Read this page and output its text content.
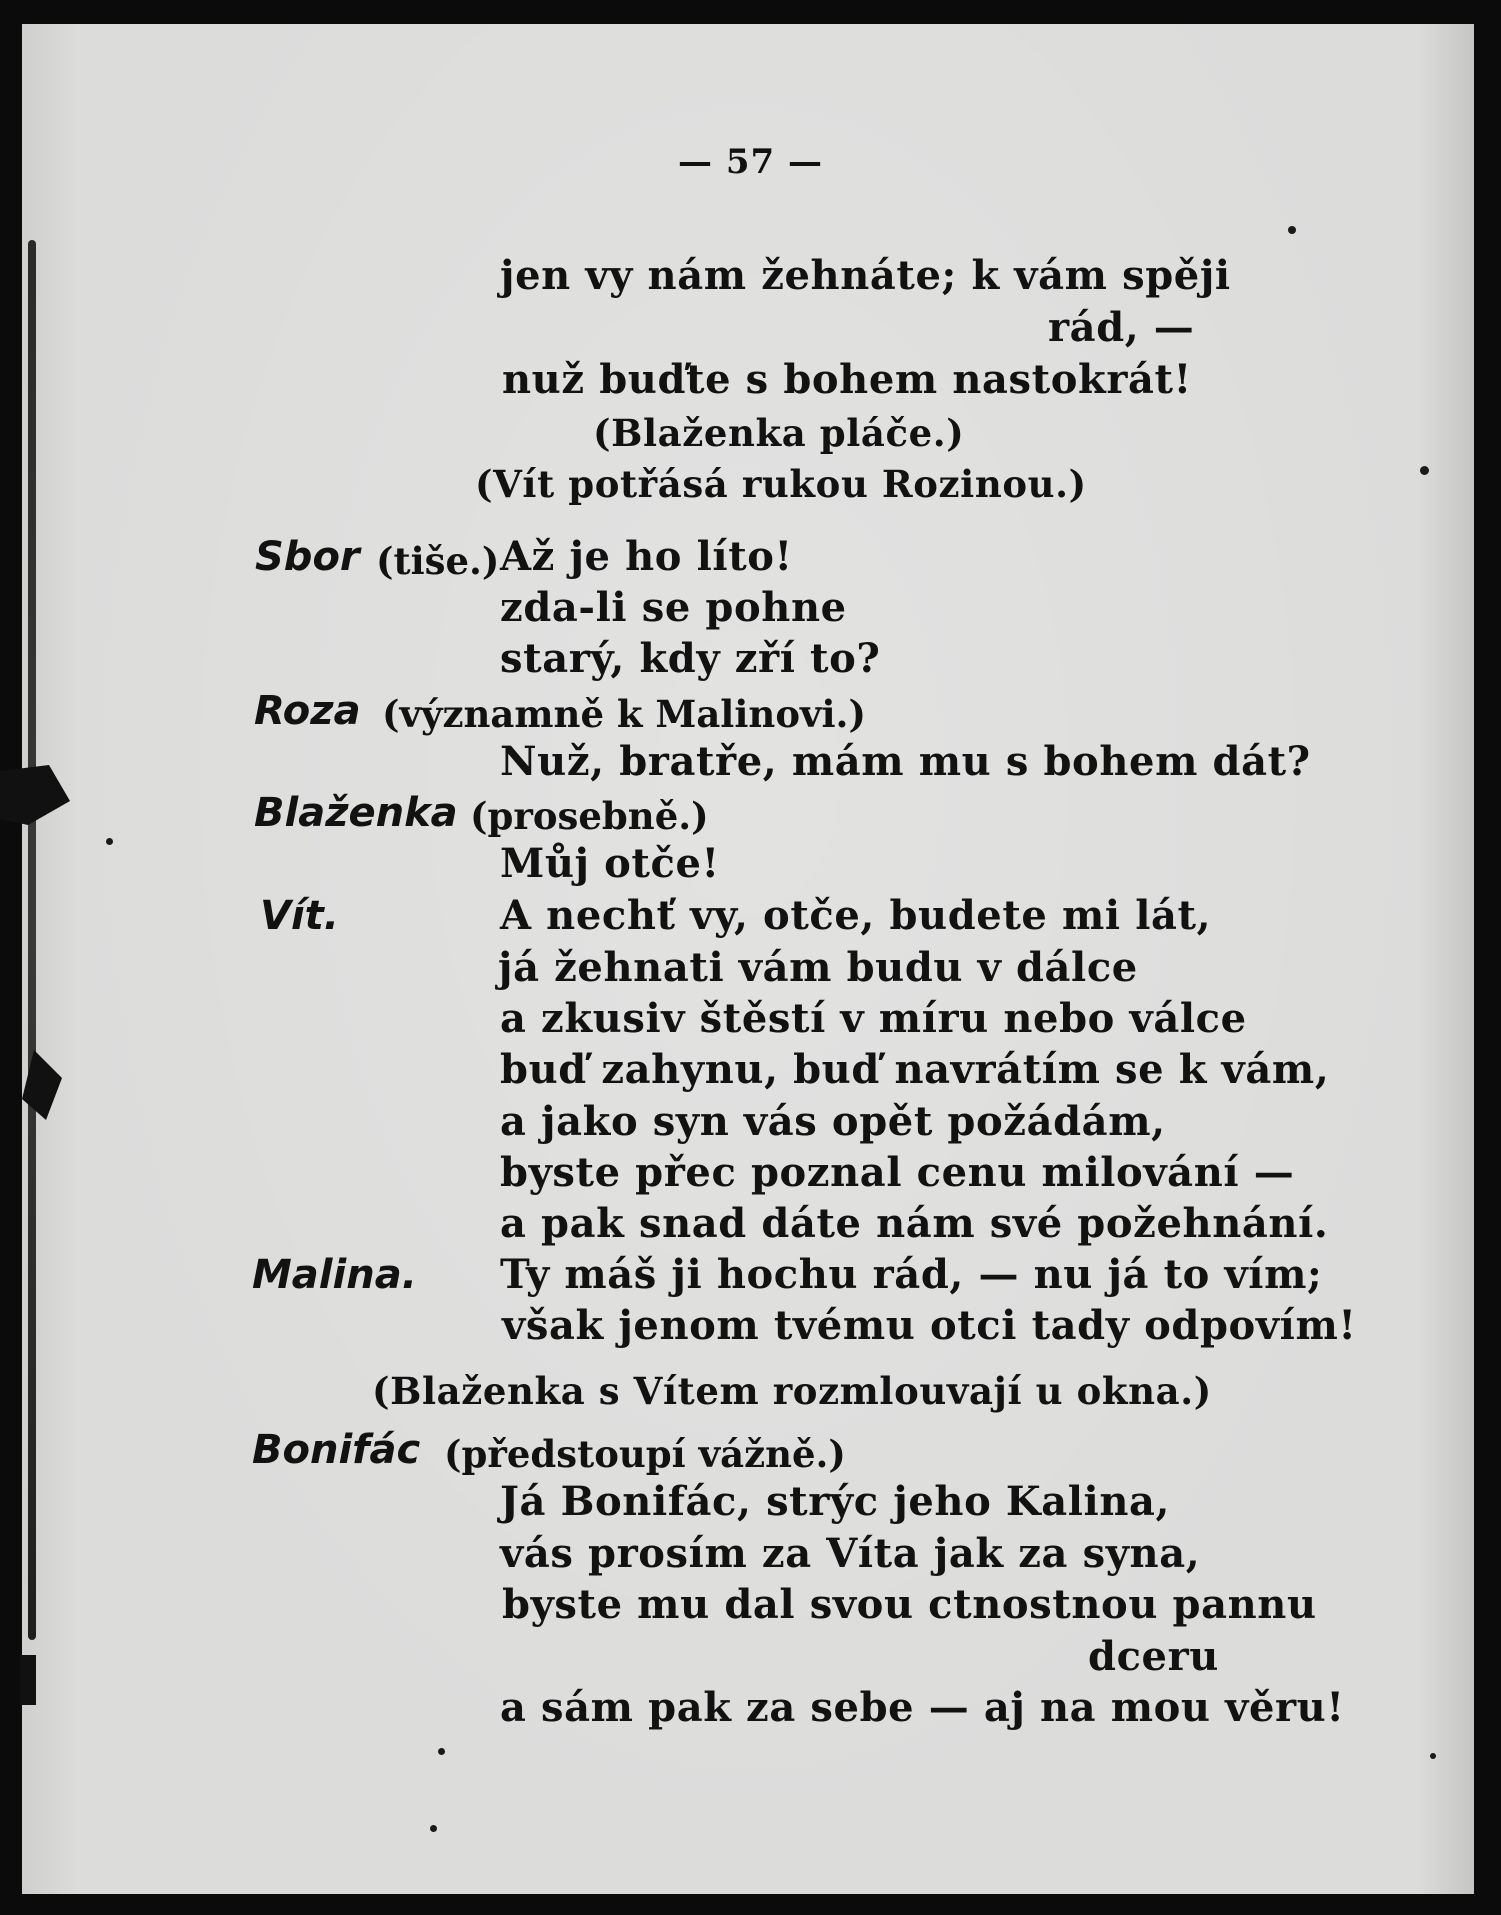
— 57 —
jen vy nám žehnáte; k vám spěji
rád, —
nuž buďte s bohem nastokrát!
(Blaženka pláče.)
(Vít potřásá rukou Rozinou.)
Sbor (tiše.) Až je ho líto!
zda-li se pohne
starý, kdy zří to?
Roza (významně k Malinovi.)
Nuž, bratře, mám mu s bohem dát?
Blaženka (prosebně.)
Můj otče!
Vít.	A nechť vy, otče, budete mi lát,
já žehnati vám budu v dálce
a zkusiv štěstí v míru nebo válce
buď zahynu, buď navrátím se k vám,
a jako syn vás opět požádám,
byste přec poznal cenu milování —
a pak snad dáte nám své požehnání.
Malina. Ty máš ji hochu rád, — nu já to vím;
však jenom tvému otci tady odpovím!
(Blaženka s Vítem rozmlouvají u okna.)
Bonifác (předstoupí vážně.)
Já Bonifác, strýc jeho Kalina,
vás prosím za Víta jak za syna,
byste mu dal svou ctnostnou pannu
dceru
a sám pak za sebe — aj na mou věru!
